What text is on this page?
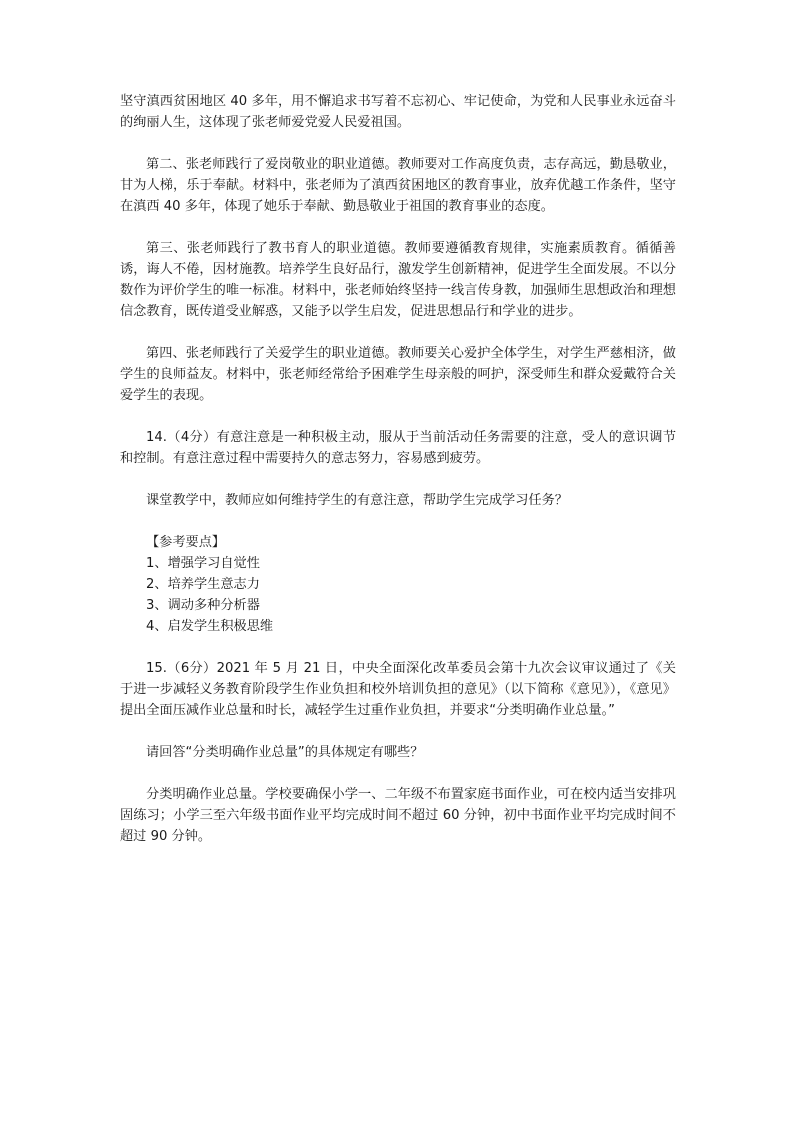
坚守滇西贫困地区 40 多年，用不懈追求书写着不忘初心、牢记使命，为党和人民事业永远奋斗的绚丽人生，这体现了张老师爱党爱人民爱祖国。

第二、张老师践行了爱岗敬业的职业道德。教师要对工作高度负责，志存高远，勤恳敬业，甘为人梯，乐于奉献。材料中，张老师为了滇西贫困地区的教育事业，放弃优越工作条件，坚守在滇西 40 多年，体现了她乐于奉献、勤恳敬业于祖国的教育事业的态度。

第三、张老师践行了教书育人的职业道德。教师要遵循教育规律，实施素质教育。循循善诱，诲人不倦，因材施教。培养学生良好品行，激发学生创新精神，促进学生全面发展。不以分数作为评价学生的唯一标准。材料中，张老师始终坚持一线言传身教，加强师生思想政治和理想信念教育，既传道受业解惑，又能予以学生启发，促进思想品行和学业的进步。

第四、张老师践行了关爱学生的职业道德。教师要关心爱护全体学生，对学生严慈相济，做学生的良师益友。材料中，张老师经常给予困难学生母亲般的呵护，深受师生和群众爱戴符合关爱学生的表现。

14.（4分）有意注意是一种积极主动，服从于当前活动任务需要的注意，受人的意识调节和控制。有意注意过程中需要持久的意志努力，容易感到疲劳。

课堂教学中，教师应如何维持学生的有意注意，帮助学生完成学习任务？

【参考要点】

1、增强学习自觉性

2、培养学生意志力

3、调动多种分析器

4、启发学生积极思维

15.（6分）2021 年 5 月 21 日，中央全面深化改革委员会第十九次会议审议通过了《关于进一步减轻义务教育阶段学生作业负担和校外培训负担的意见》（以下简称《意见》），《意见》提出全面压减作业总量和时长，减轻学生过重作业负担，并要求“分类明确作业总量。”

请回答“分类明确作业总量”的具体规定有哪些？

分类明确作业总量。学校要确保小学一、二年级不布置家庭书面作业，可在校内适当安排巩固练习；小学三至六年级书面作业平均完成时间不超过 60 分钟，初中书面作业平均完成时间不超过 90 分钟。
